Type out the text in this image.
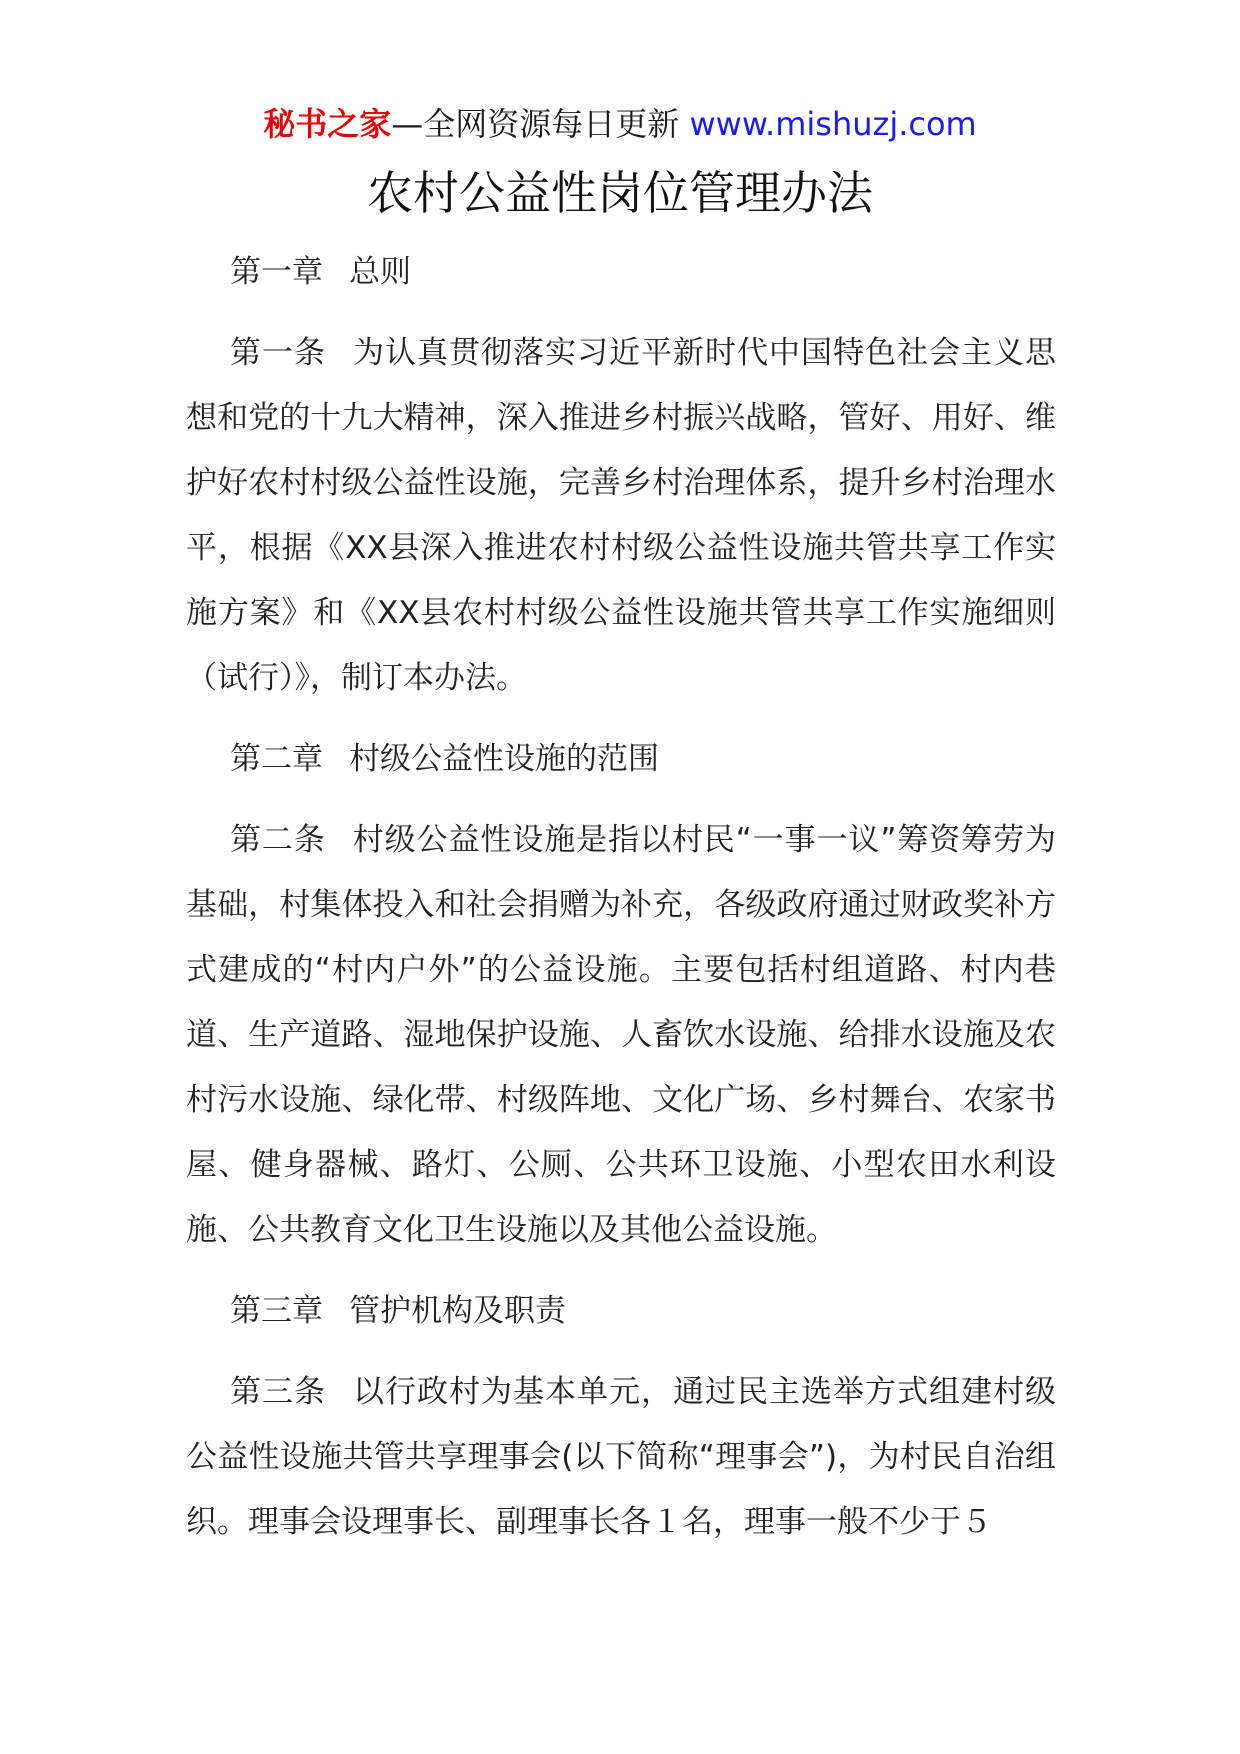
秘书之家—全网资源每日更新 www.mishuzj.com
农村公益性岗位管理办法

第一章 总则

第一条 为认真贯彻落实习近平新时代中国特色社会主义思想和党的十九大精神，深入推进乡村振兴战略，管好、用好、维护好农村村级公益性设施，完善乡村治理体系，提升乡村治理水平，根据《XX县深入推进农村村级公益性设施共管共享工作实施方案》和《XX县农村村级公益性设施共管共享工作实施细则（试行）》，制订本办法。

第二章 村级公益性设施的范围

第二条 村级公益性设施是指以村民“一事一议”筹资筹劳为基础，村集体投入和社会捐赠为补充，各级政府通过财政奖补方式建成的“村内户外”的公益设施。主要包括村组道路、村内巷道、生产道路、湿地保护设施、人畜饮水设施、给排水设施及农村污水设施、绿化带、村级阵地、文化广场、乡村舞台、农家书屋、健身器械、路灯、公厕、公共环卫设施、小型农田水利设施、公共教育文化卫生设施以及其他公益设施。

第三章 管护机构及职责

第三条 以行政村为基本单元，通过民主选举方式组建村级公益性设施共管共享理事会(以下简称“理事会”)，为村民自治组织。理事会设理事长、副理事长各１名，理事一般不少于５
